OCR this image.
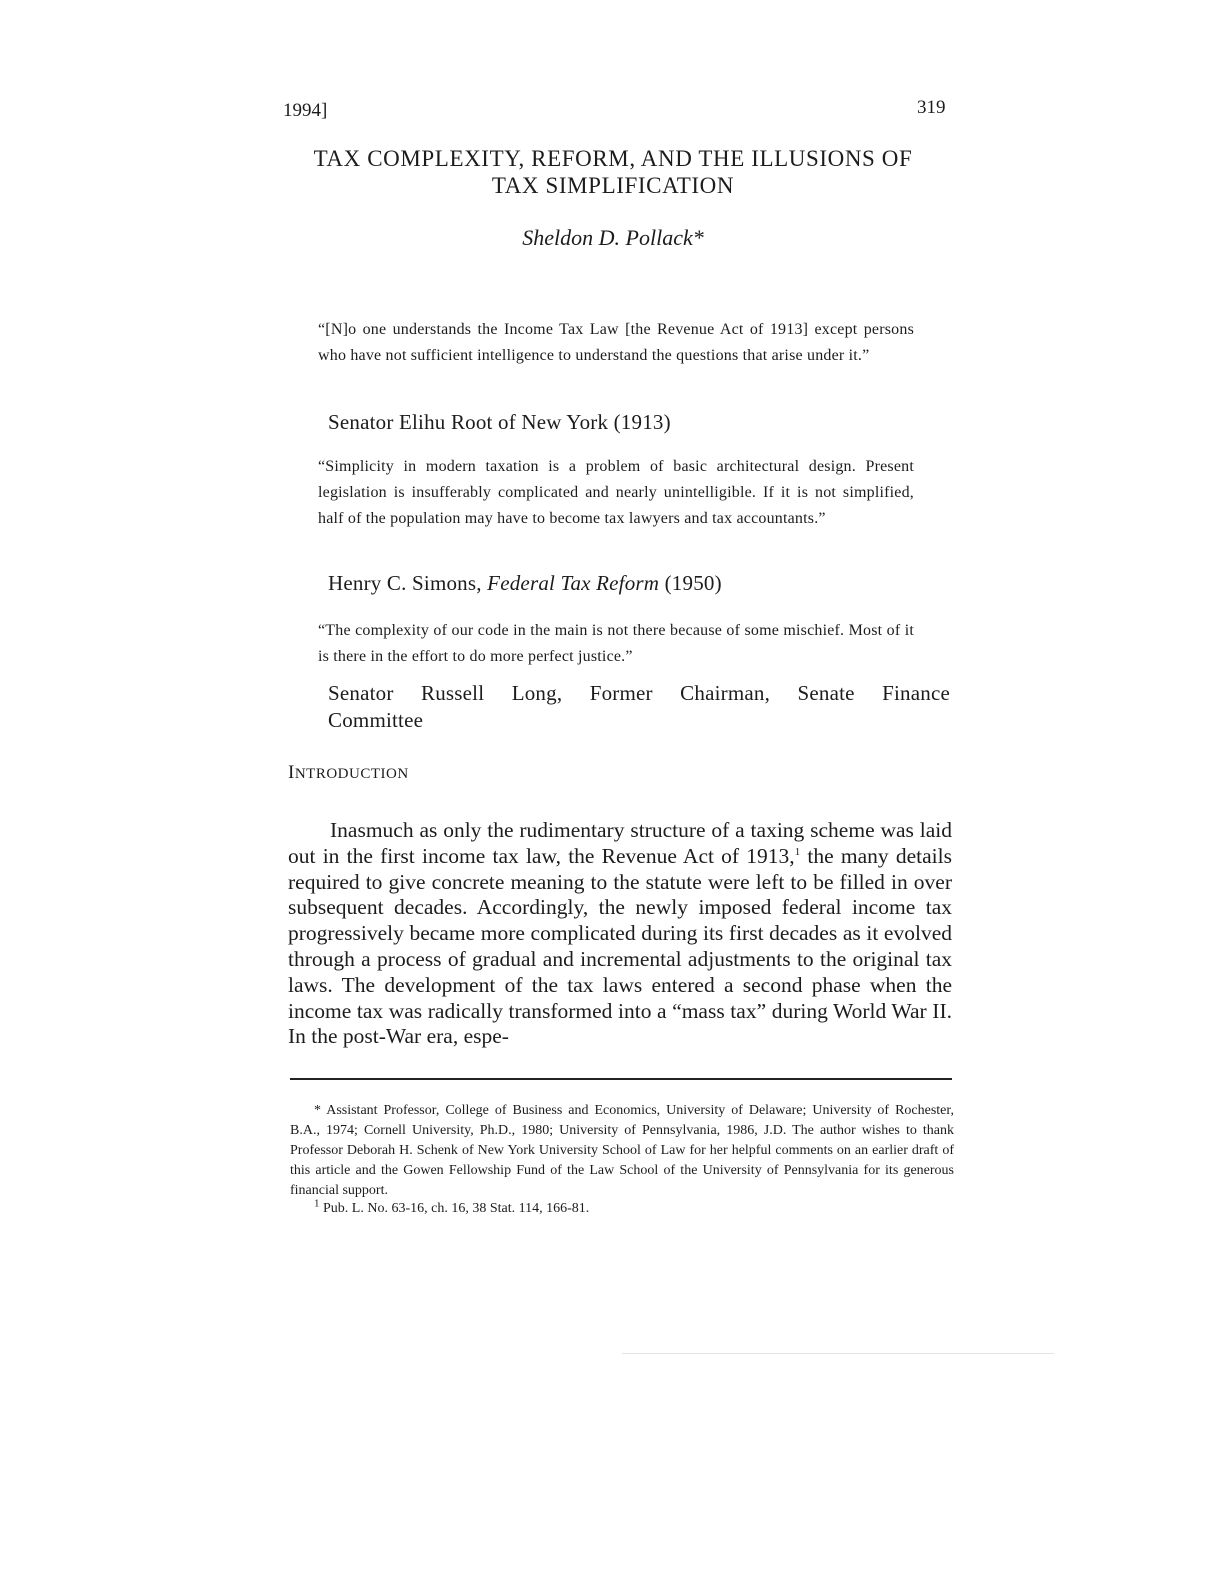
1994]	319
TAX COMPLEXITY, REFORM, AND THE ILLUSIONS OF
TAX SIMPLIFICATION
Sheldon D. Pollack*
“[N]o one understands the Income Tax Law [the Revenue Act of 1913] except persons who have not sufficient intelligence to understand the questions that arise under it.”
Senator Elihu Root of New York (1913)
“Simplicity in modern taxation is a problem of basic architectural design. Present legislation is insufferably complicated and nearly unintelligible. If it is not simplified, half of the population may have to become tax lawyers and tax accountants.”
Henry C. Simons, Federal Tax Reform (1950)
“The complexity of our code in the main is not there because of some mischief. Most of it is there in the effort to do more perfect justice.”
Senator Russell Long, Former Chairman, Senate Finance
Committee
INTRODUCTION
Inasmuch as only the rudimentary structure of a taxing scheme was laid out in the first income tax law, the Revenue Act of 1913,$^1$ the many details required to give concrete meaning to the statute were left to be filled in over subsequent decades. Accordingly, the newly imposed federal income tax progressively became more complicated during its first decades as it evolved through a process of gradual and incremental adjustments to the original tax laws. The development of the tax laws entered a second phase when the income tax was radically transformed into a “mass tax” during World War II. In the post-War era, espe-
* Assistant Professor, College of Business and Economics, University of Delaware; University of Rochester, B.A., 1974; Cornell University, Ph.D., 1980; University of Pennsylvania, 1986, J.D. The author wishes to thank Professor Deborah H. Schenk of New York University School of Law for her helpful comments on an earlier draft of this article and the Gowen Fellowship Fund of the Law School of the University of Pennsylvania for its generous financial support.
$^1$ Pub. L. No. 63-16, ch. 16, 38 Stat. 114, 166-81.
